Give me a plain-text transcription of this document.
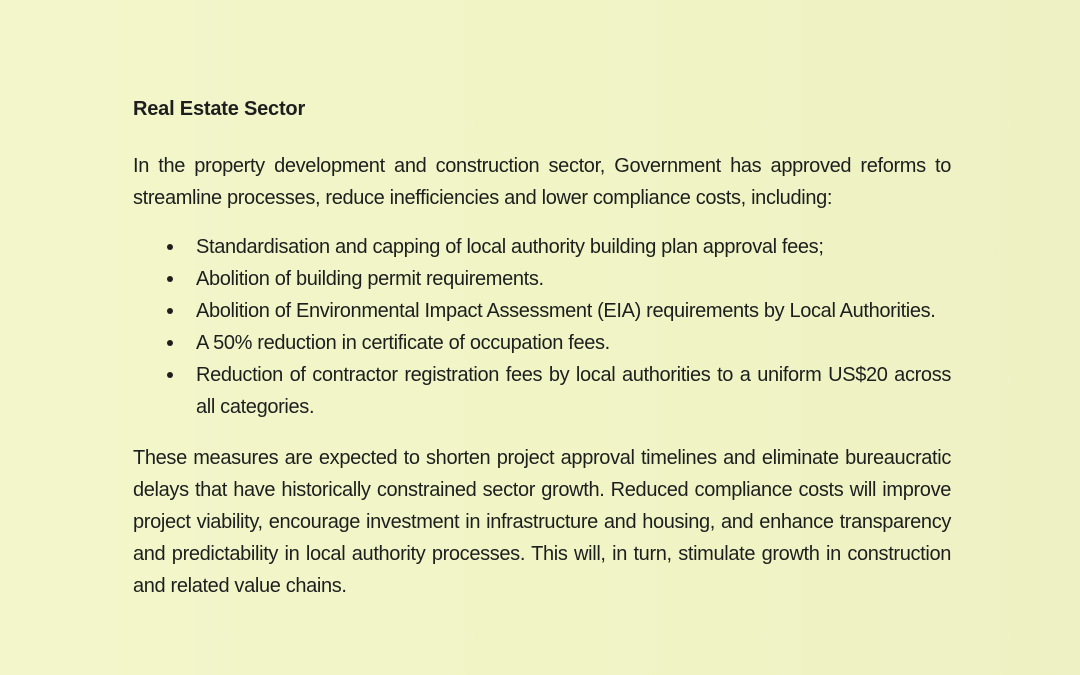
Real Estate Sector

In the property development and construction sector, Government has approved reforms to streamline processes, reduce inefficiencies and lower compliance costs, including:

Standardisation and capping of local authority building plan approval fees;
Abolition of building permit requirements.
Abolition of Environmental Impact Assessment (EIA) requirements by Local Authorities.
A 50% reduction in certificate of occupation fees.
Reduction of contractor registration fees by local authorities to a uniform US$20 across all categories.

These measures are expected to shorten project approval timelines and eliminate bureaucratic delays that have historically constrained sector growth. Reduced compliance costs will improve project viability, encourage investment in infrastructure and housing, and enhance transparency and predictability in local authority processes. This will, in turn, stimulate growth in construction and related value chains.
